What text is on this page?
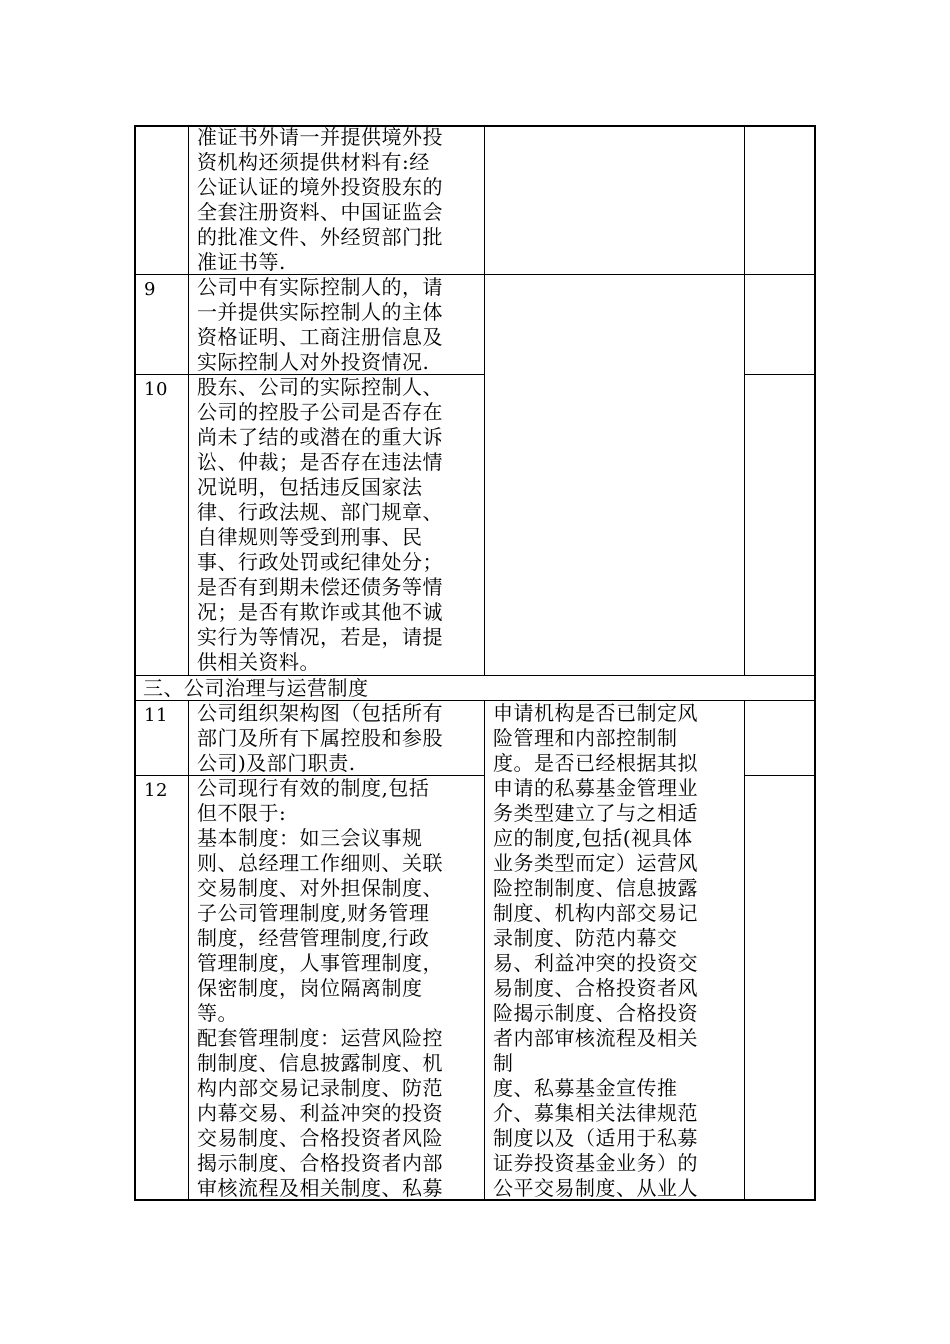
准证书外请一并提供境外投
资机构还须提供材料有:经
公证认证的境外投资股东的
全套注册资料、中国证监会
的批准文件、外经贸部门批
准证书等.
9 公司中有实际控制人的，请
一并提供实际控制人的主体
资格证明、工商注册信息及
实际控制人对外投资情况.
10 股东、公司的实际控制人、
公司的控股子公司是否存在
尚未了结的或潜在的重大诉
讼、仲裁；是否存在违法情
况说明，包括违反国家法
律、行政法规、部门规章、
自律规则等受到刑事、民
事、行政处罚或纪律处分；
是否有到期未偿还债务等情
况；是否有欺诈或其他不诚
实行为等情况，若是，请提
供相关资料。
三、公司治理与运营制度
11 公司组织架构图（包括所有
部门及所有下属控股和参股
公司)及部门职责.
12 公司现行有效的制度,包括
但不限于:
基本制度：如三会议事规
则、总经理工作细则、关联
交易制度、对外担保制度、
子公司管理制度,财务管理
制度，经营管理制度,行政
管理制度，人事管理制度，
保密制度，岗位隔离制度
等。
配套管理制度：运营风险控
制制度、信息披露制度、机
构内部交易记录制度、防范
内幕交易、利益冲突的投资
交易制度、合格投资者风险
揭示制度、合格投资者内部
审核流程及相关制度、私募
申请机构是否已制定风
险管理和内部控制制
度。是否已经根据其拟
申请的私募基金管理业
务类型建立了与之相适
应的制度,包括(视具体
业务类型而定）运营风
险控制制度、信息披露
制度、机构内部交易记
录制度、防范内幕交
易、利益冲突的投资交
易制度、合格投资者风
险揭示制度、合格投资
者内部审核流程及相关
制
度、私募基金宣传推
介、募集相关法律规范
制度以及（适用于私募
证券投资基金业务）的
公平交易制度、从业人
